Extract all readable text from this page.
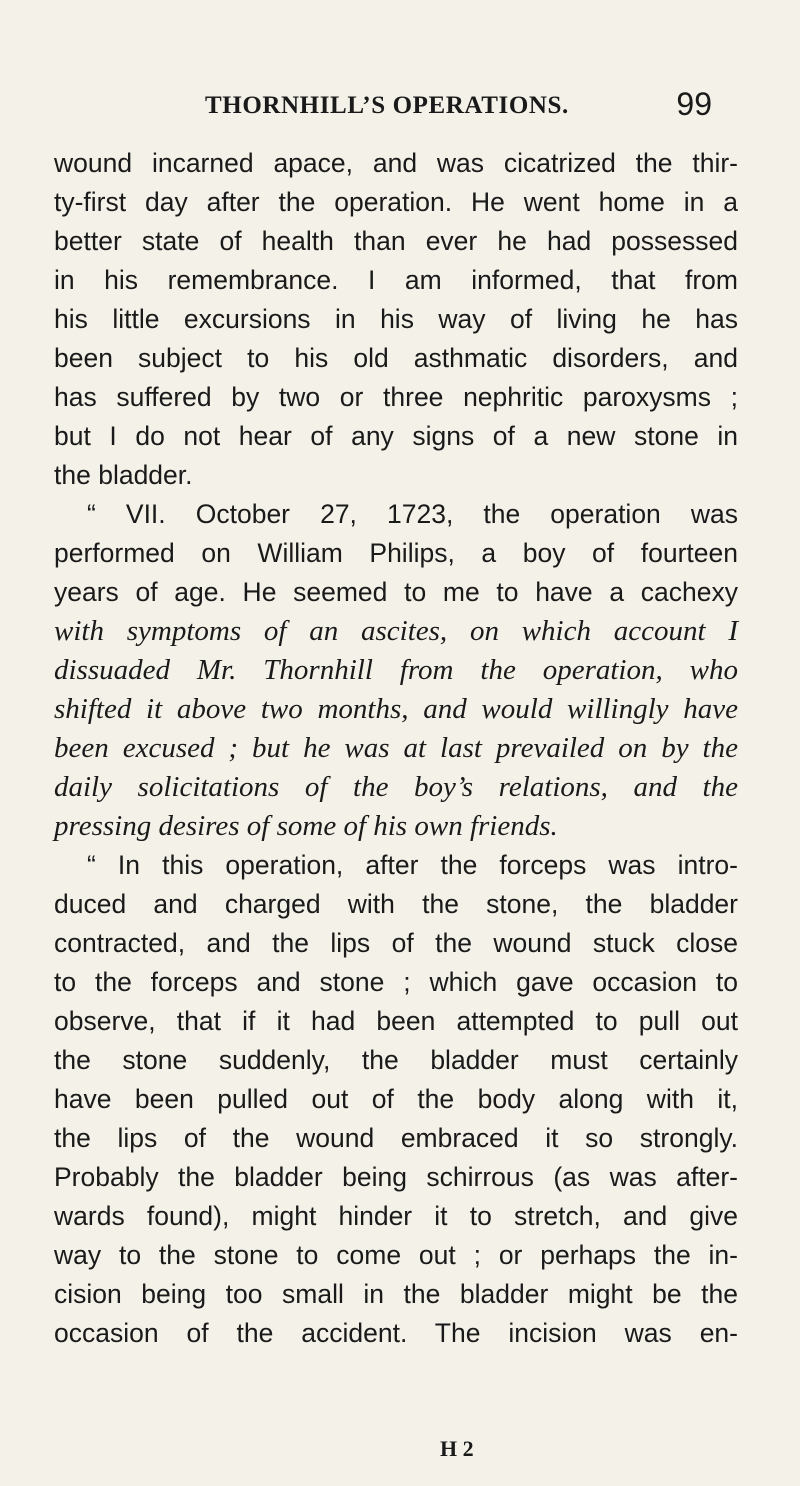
THORNHILL’S OPERATIONS.	99
wound incarned apace, and was cicatrized the thir-
ty-first day after the operation. He went home in a
better state of health than ever he had possessed
in his remembrance. I am informed, that from
his little excursions in his way of living he has
been subject to his old asthmatic disorders, and
has suffered by two or three nephritic paroxysms ;
but I do not hear of any signs of a new stone in
the bladder.
“ VII. October 27, 1723, the operation was
performed on William Philips, a boy of fourteen
years of age. He seemed to me to have a cachexy
with symptoms of an ascites, on which account I
dissuaded Mr. Thornhill from the operation, who
shifted it above two months, and would willingly have
been excused ; but he was at last prevailed on by the
daily solicitations of the boy’s relations, and the
pressing desires of some of his own friends.
“ In this operation, after the forceps was intro-
duced and charged with the stone, the bladder
contracted, and the lips of the wound stuck close
to the forceps and stone ; which gave occasion to
observe, that if it had been attempted to pull out
the stone suddenly, the bladder must certainly
have been pulled out of the body along with it,
the lips of the wound embraced it so strongly.
Probably the bladder being schirrous (as was after-
wards found), might hinder it to stretch, and give
way to the stone to come out ; or perhaps the in-
cision being too small in the bladder might be the
occasion of the accident. The incision was en-
H 2
